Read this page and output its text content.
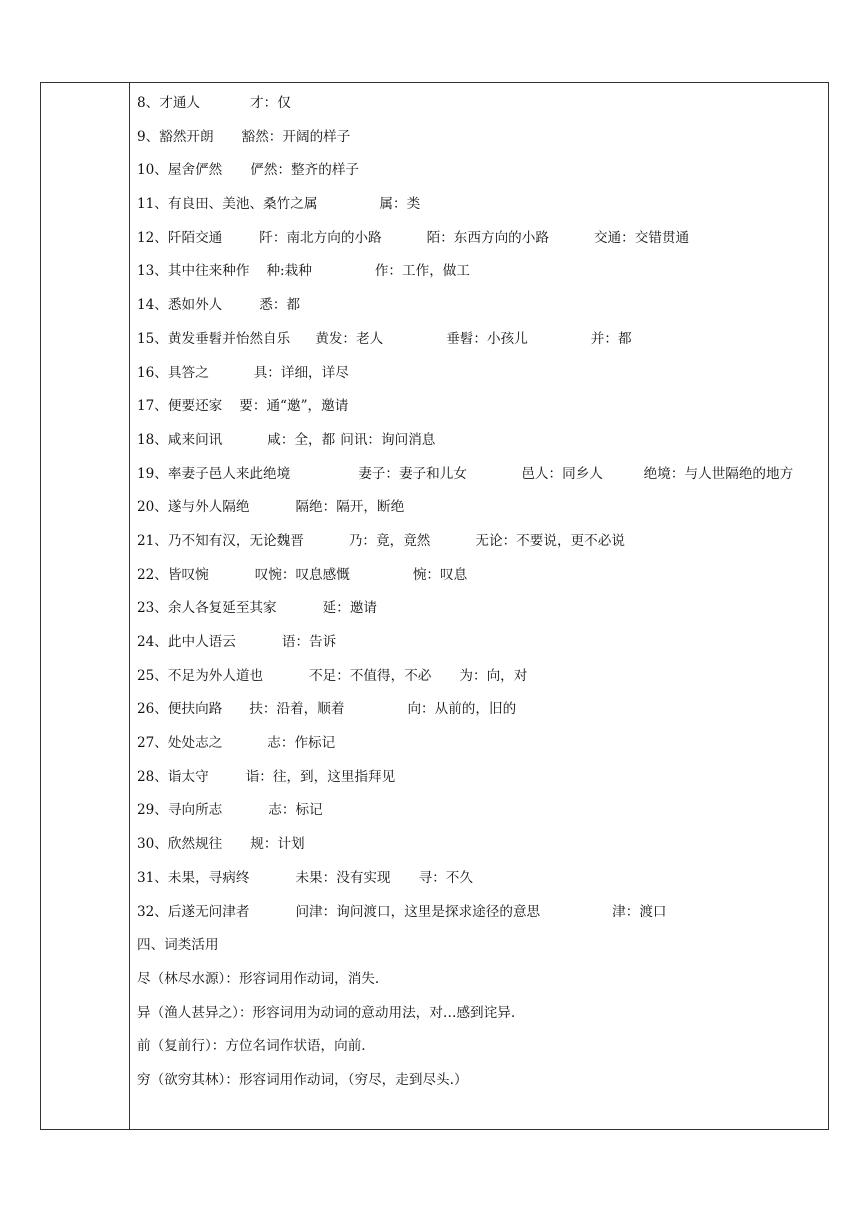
8、才通人	才：仅
9、豁然开朗 豁然：开阔的样子
10、屋舍俨然 俨然：整齐的样子
11、有良田、美池、桑竹之属	属：类
12、阡陌交通	阡：南北方向的小路	陌：东西方向的小路	交通：交错贯通
13、其中往来种作 种:栽种	作：工作，做工
14、悉如外人	悉：都
15、黄发垂髫并怡然自乐 黄发：老人	垂髫：小孩儿	并：都
16、具答之	具：详细，详尽
17、便要还家 要：通“邀”，邀请
18、咸来问讯	咸：全，都 问讯：询问消息
19、率妻子邑人来此绝境　　　　　妻子：妻子和儿女　　　　邑人：同乡人　　　绝境：与人世隔绝的地方
20、遂与外人隔绝	隔绝：隔开，断绝
21、乃不知有汉，无论魏晋	乃：竟，竟然	无论：不要说，更不必说
22、皆叹惋	叹惋：叹息感慨	惋：叹息
23、余人各复延至其家	延：邀请
24、此中人语云	语：告诉
25、不足为外人道也	不足：不值得，不必 为：向，对
26、便扶向路 扶：沿着，顺着	向：从前的，旧的
27、处处志之	志：作标记
28、诣太守	诣：往，到，这里指拜见
29、寻向所志	志：标记
30、欣然规往 规：计划
31、未果，寻病终	未果：没有实现 寻：不久
32、后遂无问津者	问津：询问渡口，这里是探求途径的意思	津：渡口
四、词类活用
尽（林尽水源）：形容词用作动词，消失.
异（渔人甚异之）：形容词用为动词的意动用法，对…感到诧异.
前（复前行）：方位名词作状语，向前.
穷（欲穷其林）：形容词用作动词，（穷尽，走到尽头.）
